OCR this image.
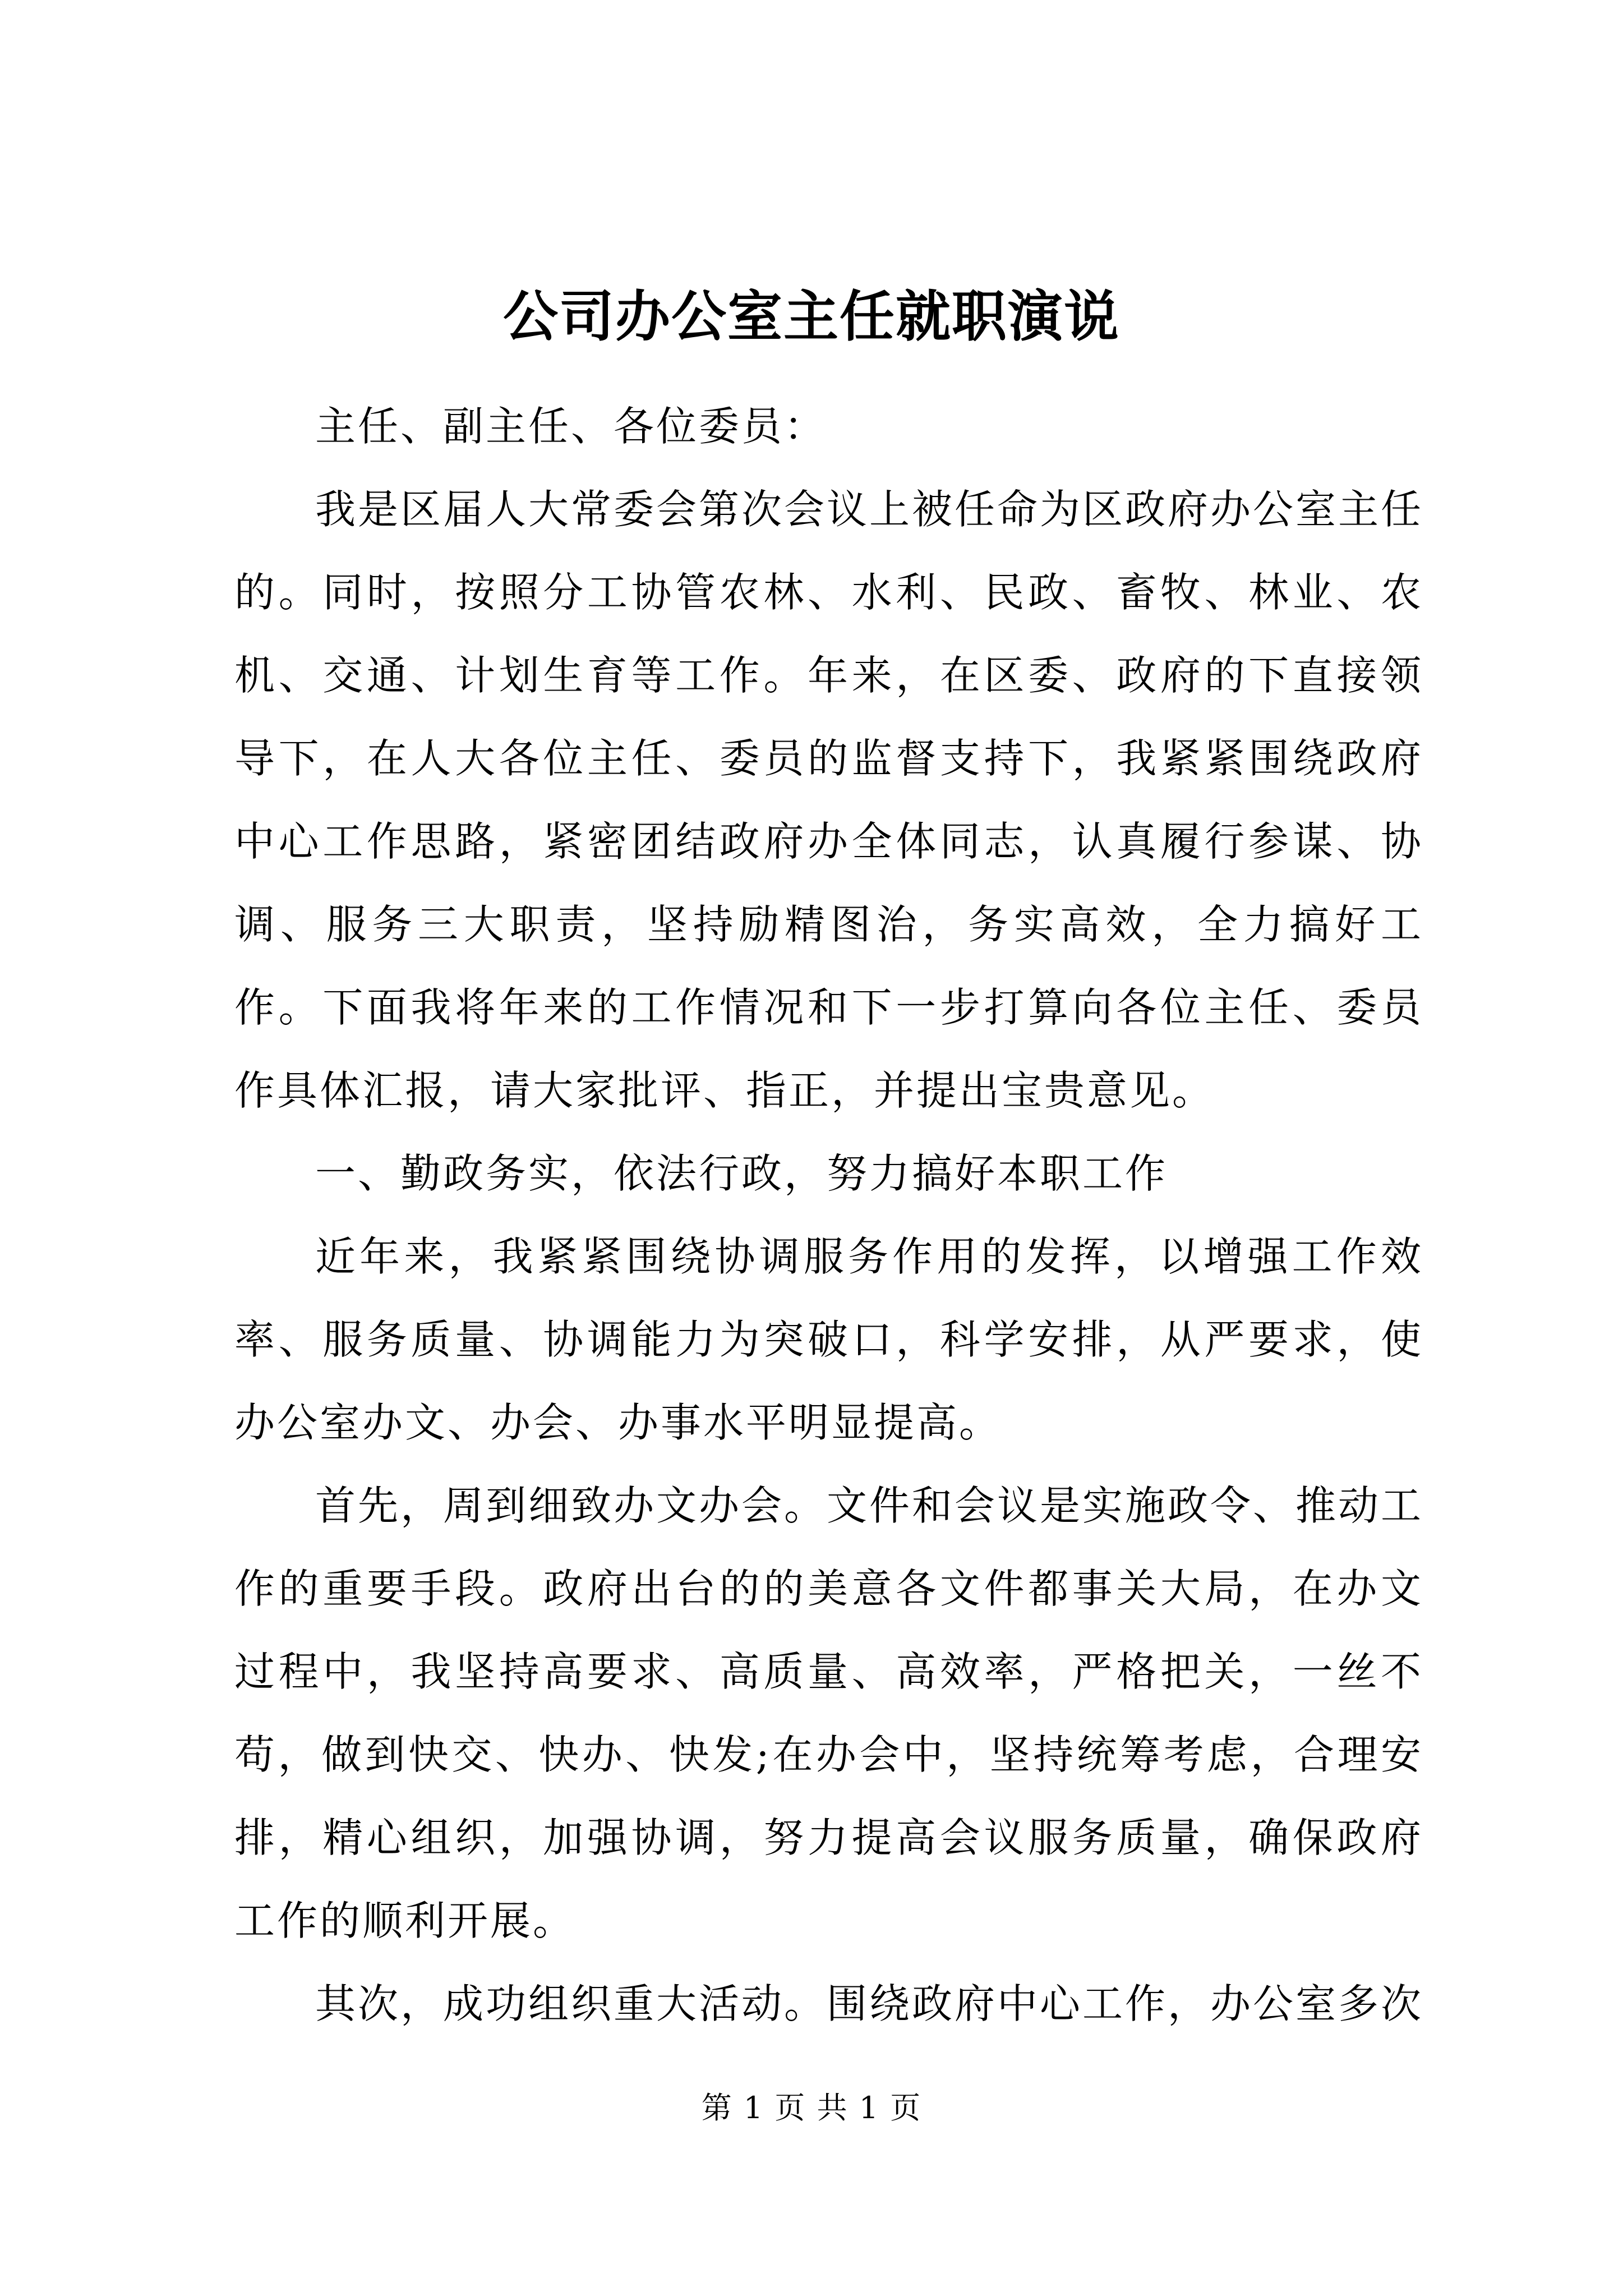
公司办公室主任就职演说

主任、副主任、各位委员：

我是区届人大常委会第次会议上被任命为区政府办公室主任的。同时，按照分工协管农林、水利、民政、畜牧、林业、农机、交通、计划生育等工作。年来，在区委、政府的下直接领导下，在人大各位主任、委员的监督支持下，我紧紧围绕政府中心工作思路，紧密团结政府办全体同志，认真履行参谋、协调、服务三大职责，坚持励精图治，务实高效，全力搞好工作。下面我将年来的工作情况和下一步打算向各位主任、委员作具体汇报，请大家批评、指正，并提出宝贵意见。

一、勤政务实，依法行政，努力搞好本职工作

近年来，我紧紧围绕协调服务作用的发挥，以增强工作效率、服务质量、协调能力为突破口，科学安排，从严要求，使办公室办文、办会、办事水平明显提高。

首先，周到细致办文办会。文件和会议是实施政令、推动工作的重要手段。政府出台的的美意各文件都事关大局，在办文过程中，我坚持高要求、高质量、高效率，严格把关，一丝不苟，做到快交、快办、快发;在办会中，坚持统筹考虑，合理安排，精心组织，加强协调，努力提高会议服务质量，确保政府工作的顺利开展。

其次，成功组织重大活动。围绕政府中心工作，办公室多次

第 1 页 共 1 页
